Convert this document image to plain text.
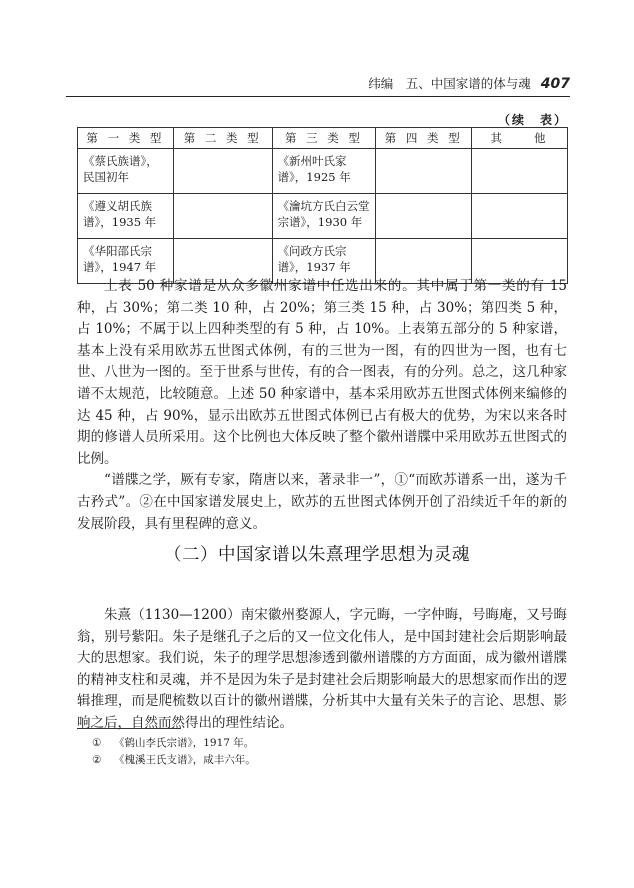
纬编　五、中国家谱的体与魂 407
（续　表）
第 一 类 型	第 二 类 型	第 三 类 型	第 四 类 型	其　　他
《蔡氏族谱》，民国初年		《新州叶氏家谱》，1925 年		
《遵义胡氏族谱》，1935 年		《瀹坑方氏白云堂宗谱》，1930 年		
《华阳邵氏宗谱》，1947 年		《问政方氏宗谱》，1937 年		

上表 50 种家谱是从众多徽州家谱中任选出来的。其中属于第一类的有 15 种，占 30%；第二类 10 种，占 20%；第三类 15 种，占 30%；第四类 5 种，占 10%；不属于以上四种类型的有 5 种，占 10%。上表第五部分的 5 种家谱，基本上没有采用欧苏五世图式体例，有的三世为一图，有的四世为一图，也有七世、八世为一图的。至于世系与世传，有的合一图表，有的分列。总之，这几种家谱不太规范，比较随意。上述 50 种家谱中，基本采用欧苏五世图式体例来编修的达 45 种，占 90%，显示出欧苏五世图式体例已占有极大的优势，为宋以来各时期的修谱人员所采用。这个比例也大体反映了整个徽州谱牒中采用欧苏五世图式的比例。

“谱牒之学，厥有专家，隋唐以来，著录非一”，①“而欧苏谱系一出，遂为千古矜式”。②在中国家谱发展史上，欧苏的五世图式体例开创了沿续近千年的新的发展阶段，具有里程碑的意义。

（二）中国家谱以朱熹理学思想为灵魂

朱熹（1130—1200）南宋徽州婺源人，字元晦，一字仲晦，号晦庵，又号晦翁，别号紫阳。朱子是继孔子之后的又一位文化伟人，是中国封建社会后期影响最大的思想家。我们说，朱子的理学思想渗透到徽州谱牒的方方面面，成为徽州谱牒的精神支柱和灵魂，并不是因为朱子是封建社会后期影响最大的思想家而作出的逻辑推理，而是爬梳数以百计的徽州谱牒，分析其中大量有关朱子的言论、思想、影响之后，自然而然得出的理性结论。

① 《鹤山李氏宗谱》，1917 年。
② 《槐溪王氏支谱》，咸丰六年。
